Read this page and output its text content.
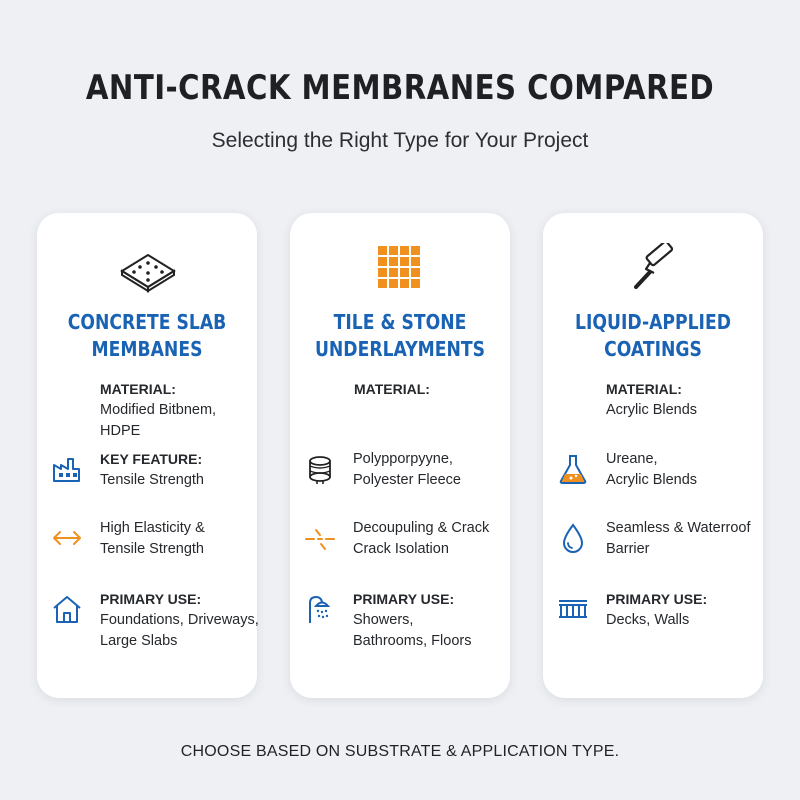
ANTI-CRACK MEMBRANES COMPARED
Selecting the Right Type for Your Project
CONCRETE SLAB
MEMBANES
MATERIAL:
Modified Bitbnem, HDPE
KEY FEATURE:
Tensile Strength
High Elasticity &
Tensile Strength
PRIMARY USE:
Foundations, Driveways,
Large Slabs
TILE & STONE
UNDERLAYMENTS
MATERIAL:
Polypporpyyne,
Polyester Fleece
Decoupuling & Crack
Crack Isolation
PRIMARY USE:
Showers,
Bathrooms, Floors
LIQUID-APPLIED
COATINGS
MATERIAL:
Acrylic Blends
Ureane,
Acrylic Blends
Seamless & Waterroof
Barrier
PRIMARY USE:
Decks, Walls
CHOOSE BASED ON SUBSTRATE & APPLICATION TYPE.
